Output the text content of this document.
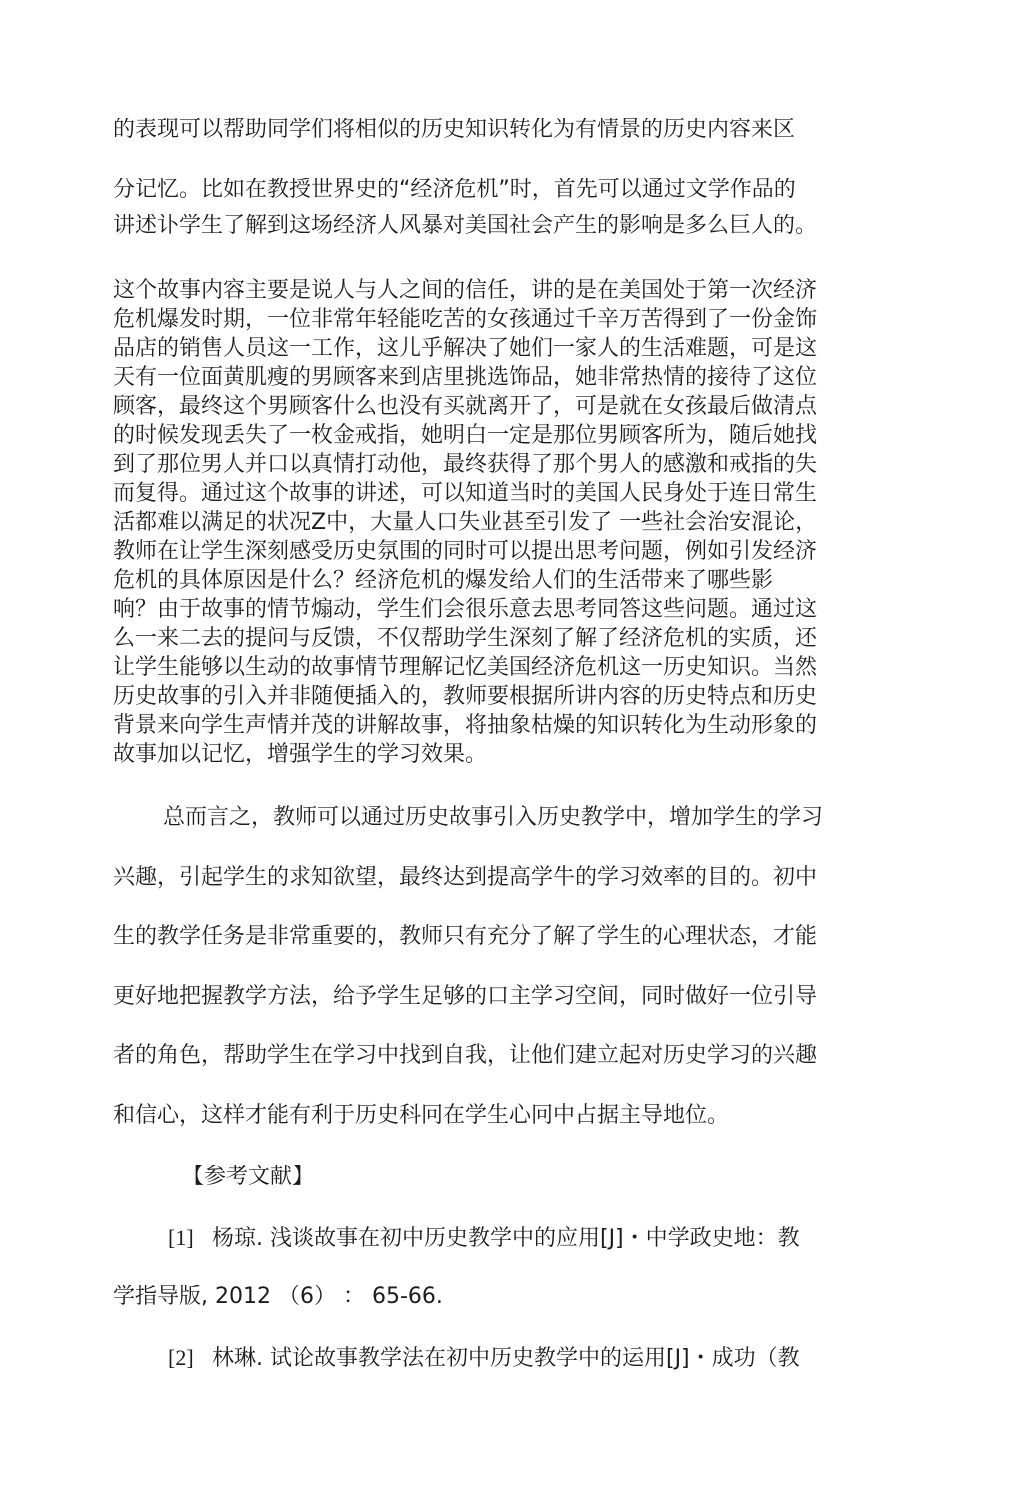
的表现可以帮助同学们将相似的历史知识转化为有情景的历史内容来区
分记忆。比如在教授世界史的“经济危机”时，首先可以通过文学作品的
讲述讣学生了解到这场经济人风暴对美国社会产生的影响是多么巨人的。
这个故事内容主要是说人与人之间的信任，讲的是在美国处于第一次经济
危机爆发时期，一位非常年轻能吃苦的女孩通过千辛万苦得到了一份金饰
品店的销售人员这一工作，这儿乎解决了她们一家人的生活难题，可是这
天有一位面黄肌瘦的男顾客来到店里挑选饰品，她非常热情的接待了这位
顾客，最终这个男顾客什么也没有买就离开了，可是就在女孩最后做清点
的时候发现丢失了一枚金戒指，她明白一定是那位男顾客所为，随后她找
到了那位男人并口以真情打动他，最终获得了那个男人的感激和戒指的失
而复得。通过这个故事的讲述，可以知道当时的美国人民身处于连日常生
活都难以满足的状况Z中，大量人口失业甚至引发了 一些社会治安混论，
教师在让学生深刻感受历史氛围的同时可以提出思考问题，例如引发经济
危机的具体原因是什么？经济危机的爆发给人们的生活带来了哪些影
响？由于故事的情节煽动，学生们会很乐意去思考同答这些问题。通过这
么一来二去的提问与反馈，不仅帮助学生深刻了解了经济危机的实质，还
让学生能够以生动的故事情节理解记忆美国经济危机这一历史知识。当然
历史故事的引入并非随便插入的，教师要根据所讲内容的历史特点和历史
背景来向学生声情并茂的讲解故事，将抽象枯燥的知识转化为生动形象的
故事加以记忆，增强学生的学习效果。
总而言之，教师可以通过历史故事引入历史教学中，增加学生的学习
兴趣，引起学生的求知欲望，最终达到提高学牛的学习效率的目的。初中
生的教学任务是非常重要的，教师只有充分了解了学生的心理状态，才能
更好地把握教学方法，给予学生足够的口主学习空间，同时做好一位引导
者的角色，帮助学生在学习中找到自我，让他们建立起对历史学习的兴趣
和信心，这样才能有利于历史科冋在学生心冋中占据主导地位。
【参考文献】
[1] 杨琼. 浅谈故事在初中历史教学中的应用[J]・中学政史地：教
学指导版, 2012 （6） ： 65-66.
[2] 林琳. 试论故事教学法在初中历史教学中的运用[J]・成功（教
